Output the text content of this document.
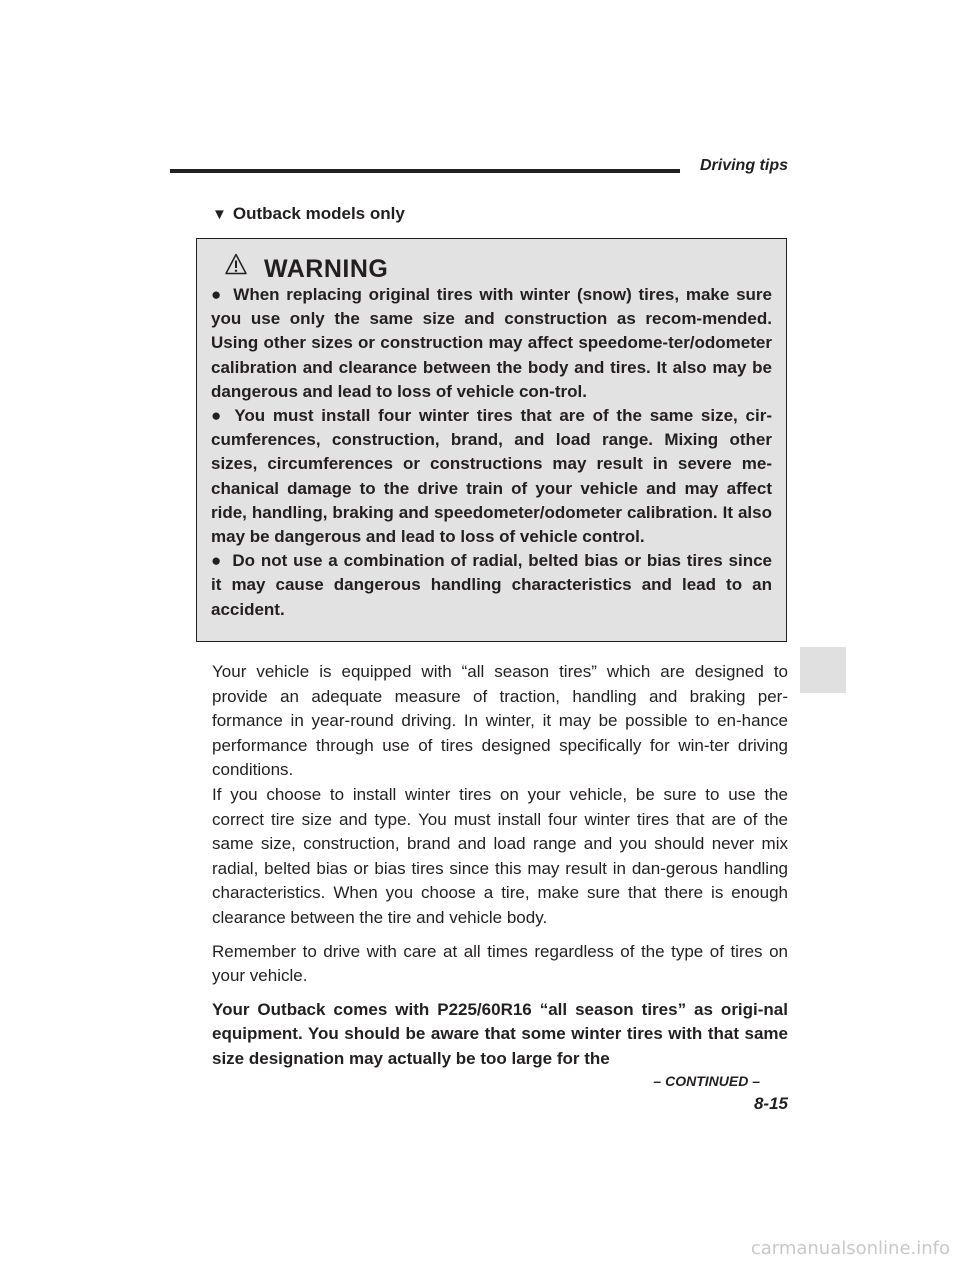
Driving tips
▼ Outback models only
WARNING

● When replacing original tires with winter (snow) tires, make sure you use only the same size and construction as recom-mended. Using other sizes or construction may affect speedome-ter/odometer calibration and clearance between the body and tires. It also may be dangerous and lead to loss of vehicle con-trol.

● You must install four winter tires that are of the same size, cir-cumferences, construction, brand, and load range. Mixing other sizes, circumferences or constructions may result in severe me-chanical damage to the drive train of your vehicle and may affect ride, handling, braking and speedometer/odometer calibration. It also may be dangerous and lead to loss of vehicle control.

● Do not use a combination of radial, belted bias or bias tires since it may cause dangerous handling characteristics and lead to an accident.

Your vehicle is equipped with “all season tires” which are designed to provide an adequate measure of traction, handling and braking per-formance in year-round driving. In winter, it may be possible to en-hance performance through use of tires designed specifically for win-ter driving conditions.

If you choose to install winter tires on your vehicle, be sure to use the correct tire size and type. You must install four winter tires that are of the same size, construction, brand and load range and you should never mix radial, belted bias or bias tires since this may result in dan-gerous handling characteristics. When you choose a tire, make sure that there is enough clearance between the tire and vehicle body.

Remember to drive with care at all times regardless of the type of tires on your vehicle.

Your Outback comes with P225/60R16 “all season tires” as origi-nal equipment. You should be aware that some winter tires with that same size designation may actually be too large for the

– CONTINUED –
8-15
carmanualsonline.info
